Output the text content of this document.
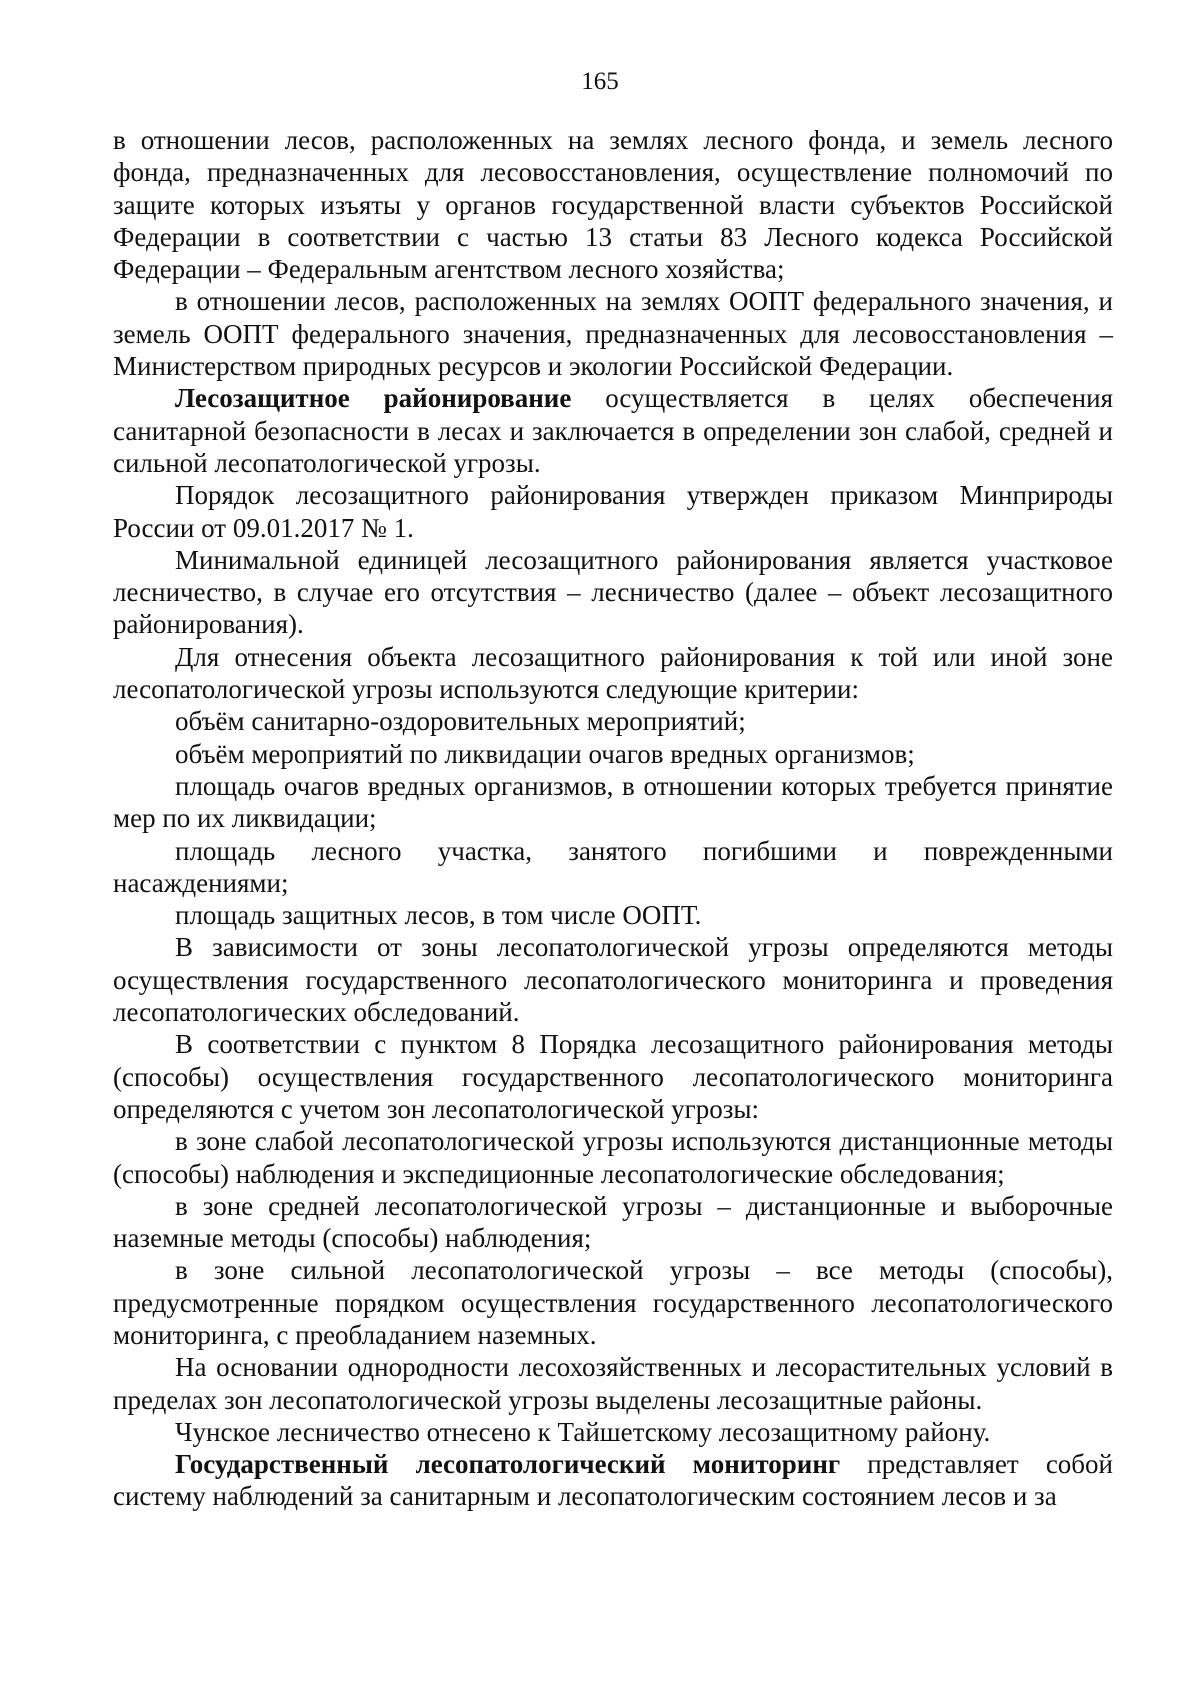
165

в отношении лесов, расположенных на землях лесного фонда, и земель лесного фонда, предназначенных для лесовосстановления, осуществление полномочий по защите которых изъяты у органов государственной власти субъектов Российской Федерации в соответствии с частью 13 статьи 83 Лесного кодекса Российской Федерации – Федеральным агентством лесного хозяйства;

в отношении лесов, расположенных на землях ООПТ федерального значения, и земель ООПТ федерального значения, предназначенных для лесовосстановления – Министерством природных ресурсов и экологии Российской Федерации.

Лесозащитное районирование осуществляется в целях обеспечения санитарной безопасности в лесах и заключается в определении зон слабой, средней и сильной лесопатологической угрозы.

Порядок лесозащитного районирования утвержден приказом Минприроды России от 09.01.2017 № 1.

Минимальной единицей лесозащитного районирования является участковое лесничество, в случае его отсутствия – лесничество (далее – объект лесозащитного районирования).

Для отнесения объекта лесозащитного районирования к той или иной зоне лесопатологической угрозы используются следующие критерии:

объём санитарно-оздоровительных мероприятий;

объём мероприятий по ликвидации очагов вредных организмов;

площадь очагов вредных организмов, в отношении которых требуется принятие мер по их ликвидации;

площадь лесного участка, занятого погибшими и поврежденными насаждениями;

площадь защитных лесов, в том числе ООПТ.

В зависимости от зоны лесопатологической угрозы определяются методы осуществления государственного лесопатологического мониторинга и проведения лесопатологических обследований.

В соответствии с пунктом 8 Порядка лесозащитного районирования методы (способы) осуществления государственного лесопатологического мониторинга определяются с учетом зон лесопатологической угрозы:

в зоне слабой лесопатологической угрозы используются дистанционные методы (способы) наблюдения и экспедиционные лесопатологические обследования;

в зоне средней лесопатологической угрозы – дистанционные и выборочные наземные методы (способы) наблюдения;

в зоне сильной лесопатологической угрозы – все методы (способы), предусмотренные порядком осуществления государственного лесопатологического мониторинга, с преобладанием наземных.

На основании однородности лесохозяйственных и лесорастительных условий в пределах зон лесопатологической угрозы выделены лесозащитные районы.

Чунское лесничество отнесено к Тайшетскому лесозащитному району.

Государственный лесопатологический мониторинг представляет собой систему наблюдений за санитарным и лесопатологическим состоянием лесов и за
